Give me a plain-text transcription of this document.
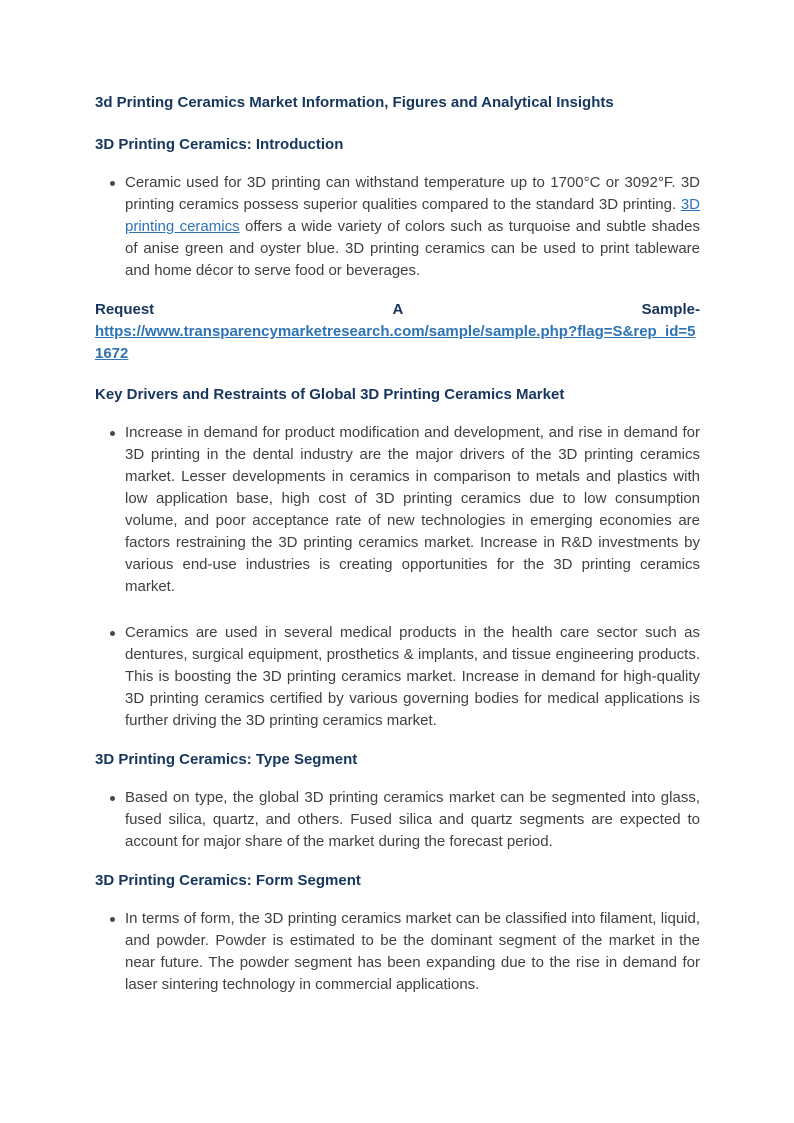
3d Printing Ceramics Market Information, Figures and Analytical Insights

3D Printing Ceramics: Introduction

Ceramic used for 3D printing can withstand temperature up to 1700°C or 3092°F. 3D printing ceramics possess superior qualities compared to the standard 3D printing. 3D printing ceramics offers a wide variety of colors such as turquoise and subtle shades of anise green and oyster blue. 3D printing ceramics can be used to print tableware and home décor to serve food or beverages.
Request	A	Sample-
https://www.transparencymarketresearch.com/sample/sample.php?flag=S&rep_id=51672

Key Drivers and Restraints of Global 3D Printing Ceramics Market

Increase in demand for product modification and development, and rise in demand for 3D printing in the dental industry are the major drivers of the 3D printing ceramics market. Lesser developments in ceramics in comparison to metals and plastics with low application base, high cost of 3D printing ceramics due to low consumption volume, and poor acceptance rate of new technologies in emerging economies are factors restraining the 3D printing ceramics market. Increase in R&D investments by various end-use industries is creating opportunities for the 3D printing ceramics market.
Ceramics are used in several medical products in the health care sector such as dentures, surgical equipment, prosthetics & implants, and tissue engineering products. This is boosting the 3D printing ceramics market. Increase in demand for high-quality 3D printing ceramics certified by various governing bodies for medical applications is further driving the 3D printing ceramics market.

3D Printing Ceramics: Type Segment

Based on type, the global 3D printing ceramics market can be segmented into glass, fused silica, quartz, and others. Fused silica and quartz segments are expected to account for major share of the market during the forecast period.

3D Printing Ceramics: Form Segment

In terms of form, the 3D printing ceramics market can be classified into filament, liquid, and powder. Powder is estimated to be the dominant segment of the market in the near future. The powder segment has been expanding due to the rise in demand for laser sintering technology in commercial applications.
